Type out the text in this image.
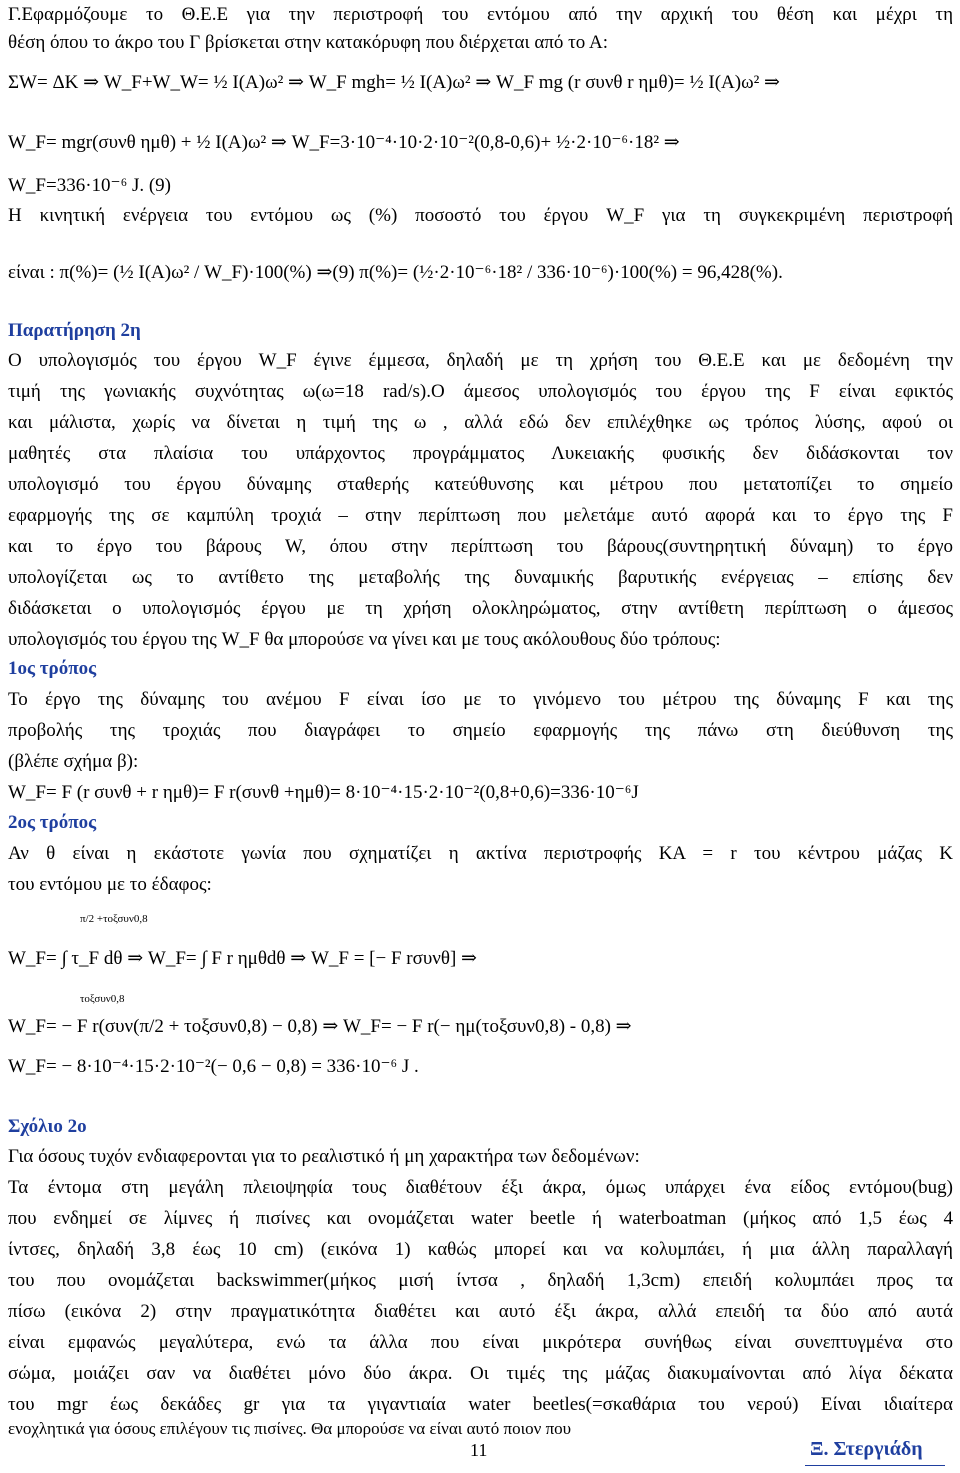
Γ.Εφαρμόζουμε το Θ.Ε.Ε για την περιστροφή του εντόμου από την αρχική του θέση και μέχρι τη
θέση όπου το άκρο του Γ βρίσκεται στην κατακόρυφη που διέρχεται από το Α:
ΣW= ΔΚ ⇒ W_F+W_W= ½ I(A)ω² ⇒ W_F mgh= ½ I(A)ω² ⇒ W_F mg (r συνθ r ημθ)= ½ I(A)ω² ⇒
W_F= mgr(συνθ ημθ) + ½ I(A)ω² ⇒ W_F=3·10⁻⁴·10·2·10⁻²(0,8-0,6)+ ½·2·10⁻⁶·18² ⇒
W_F=336·10⁻⁶ J. (9)
Η κινητική ενέργεια του εντόμου ως (%) ποσοστό του έργου W_F για τη συγκεκριμένη περιστροφή
είναι : π(%)= (½ I(A)ω² / W_F)·100(%) ⇒(9) π(%)= (½·2·10⁻⁶·18² / 336·10⁻⁶)·100(%) = 96,428(%).
Παρατήρηση 2η
Ο υπολογισμός του έργου W_F έγινε έμμεσα, δηλαδή με τη χρήση του Θ.Ε.Ε και με δεδομένη την
τιμή της γωνιακής συχνότητας ω(ω=18 rad/s).Ο άμεσος υπολογισμός του έργου της F είναι εφικτός
και μάλιστα, χωρίς να δίνεται η τιμή της ω , αλλά εδώ δεν επιλέχθηκε ως τρόπος λύσης, αφού οι
μαθητές στα πλαίσια του υπάρχοντος προγράμματος Λυκειακής φυσικής δεν διδάσκονται τον
υπολογισμό του έργου δύναμης σταθερής κατεύθυνσης και μέτρου που μετατοπίζει το σημείο
εφαρμογής της σε καμπύλη τροχιά – στην περίπτωση που μελετάμε αυτό αφορά και το έργο της F
και το έργο του βάρους W, όπου στην περίπτωση του βάρους(συντηρητική δύναμη) το έργο
υπολογίζεται ως το αντίθετο της μεταβολής της δυναμικής βαρυτικής ενέργειας – επίσης δεν
διδάσκεται ο υπολογισμός έργου με τη χρήση ολοκληρώματος, στην αντίθετη περίπτωση ο άμεσος
υπολογισμός του έργου της W_F θα μπορούσε να γίνει και με τους ακόλουθους δύο τρόπους:
1ος τρόπος
Το έργο της δύναμης του ανέμου F είναι ίσο με το γινόμενο του μέτρου της δύναμης F και της
προβολής της τροχιάς που διαγράφει το σημείο εφαρμογής της πάνω στη διεύθυνση της
(βλέπε σχήμα β):
W_F= F (r συνθ + r ημθ)= F r(συνθ +ημθ)= 8·10⁻⁴·15·2·10⁻²(0,8+0,6)=336·10⁻⁶J
2ος τρόπος
Αν θ είναι η εκάστοτε γωνία που σχηματίζει η ακτίνα περιστροφής ΚΑ = r του κέντρου μάζας Κ
του εντόμου με το έδαφος:
π/2 +τοξσυν0,8
W_F= ∫ τ_F dθ ⇒ W_F= ∫ F r ημθdθ ⇒ W_F = [− F rσυνθ] ⇒
τοξσυν0,8
W_F= − F r(συν(π/2 + τοξσυν0,8) − 0,8) ⇒ W_F= − F r(− ημ(τοξσυν0,8) - 0,8) ⇒
W_F= − 8·10⁻⁴·15·2·10⁻²(− 0,6 − 0,8) = 336·10⁻⁶ J .
Σχόλιο 2ο
Για όσους τυχόν ενδιαφερονται για το ρεαλιστικό ή μη χαρακτήρα των δεδομένων:
Τα έντομα στη μεγάλη πλειοψηφία τους διαθέτουν έξι άκρα, όμως υπάρχει ένα είδος εντόμου(bug)
που ενδημεί σε λίμνες ή πισίνες και ονομάζεται water beetle ή waterboatman (μήκος από 1,5 έως 4
ίντσες, δηλαδή 3,8 έως 10 cm) (εικόνα 1) καθώς μπορεί και να κολυμπάει, ή μια άλλη παραλλαγή
του που ονομάζεται backswimmer(μήκος μισή ίντσα , δηλαδή 1,3cm) επειδή κολυμπάει προς τα
πίσω (εικόνα 2) στην πραγματικότητα διαθέτει και αυτό έξι άκρα, αλλά επειδή τα δύο από αυτά
είναι εμφανώς μεγαλύτερα, ενώ τα άλλα που είναι μικρότερα συνήθως είναι συνεπτυγμένα στο
σώμα, μοιάζει σαν να διαθέτει μόνο δύο άκρα. Οι τιμές της μάζας διακυμαίνονται από λίγα δέκατα
του mgr έως δεκάδες gr για τα γιγαντιαία water beetles(=σκαθάρια του νερού) Είναι ιδιαίτερα
ενοχλητικά για όσους επιλέγουν τις πισίνες. Θα μπορούσε να είναι αυτό ποιον που
11	Ξ. Στεργιάδη
